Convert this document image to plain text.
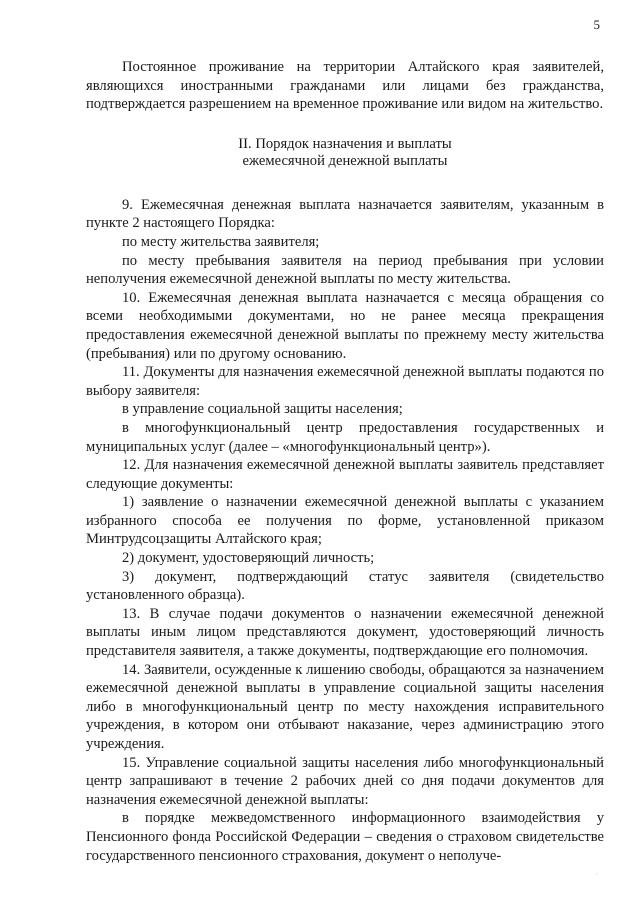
5

Постоянное проживание на территории Алтайского края заявителей, являющихся иностранными гражданами или лицами без гражданства, подтверждается разрешением на временное проживание или видом на жительство.

II. Порядок назначения и выплаты
ежемесячной денежной выплаты

9. Ежемесячная денежная выплата назначается заявителям, указанным в пункте 2 настоящего Порядка:

по месту жительства заявителя;

по месту пребывания заявителя на период пребывания при условии неполучения ежемесячной денежной выплаты по месту жительства.

10. Ежемесячная денежная выплата назначается с месяца обращения со всеми необходимыми документами, но не ранее месяца прекращения предоставления ежемесячной денежной выплаты по прежнему месту жительства (пребывания) или по другому основанию.

11. Документы для назначения ежемесячной денежной выплаты подаются по выбору заявителя:

в управление социальной защиты населения;

в многофункциональный центр предоставления государственных и муниципальных услуг (далее – «многофункциональный центр»).

12. Для назначения ежемесячной денежной выплаты заявитель представляет следующие документы:

1) заявление о назначении ежемесячной денежной выплаты с указанием избранного способа ее получения по форме, установленной приказом Минтрудсоцзащиты Алтайского края;

2) документ, удостоверяющий личность;

3) документ, подтверждающий статус заявителя (свидетельство установленного образца).

13. В случае подачи документов о назначении ежемесячной денежной выплаты иным лицом представляются документ, удостоверяющий личность представителя заявителя, а также документы, подтверждающие его полномочия.

14. Заявители, осужденные к лишению свободы, обращаются за назначением ежемесячной денежной выплаты в управление социальной защиты населения либо в многофункциональный центр по месту нахождения исправительного учреждения, в котором они отбывают наказание, через администрацию этого учреждения.

15. Управление социальной защиты населения либо многофункциональный центр запрашивают в течение 2 рабочих дней со дня подачи документов для назначения ежемесячной денежной выплаты:

в порядке межведомственного информационного взаимодействия у Пенсионного фонда Российской Федерации – сведения о страховом свидетельстве государственного пенсионного страхования, документ о неполуче-

·
